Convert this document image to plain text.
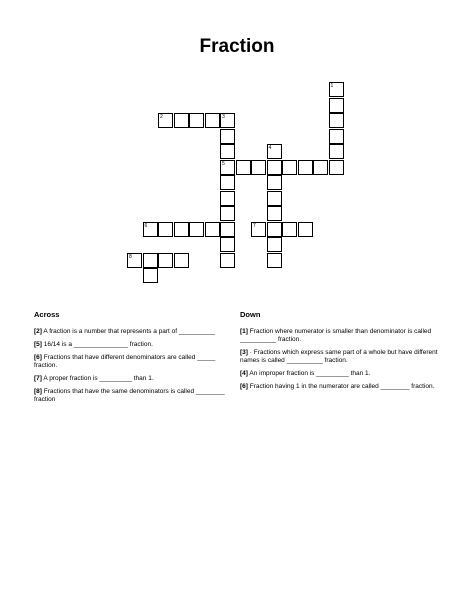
Fraction
1
2	3
5
4
6	7
8
Across
[2] A fraction is a number that represents a part of __________
[5] 16/14 is a _______________ fraction.
[6] Fractions that have different denominators are called _____ fraction.
[7] A proper fraction is _________ than 1.
[8] Fractions that have the same denominators is called ________ fraction
Down
[1] Fraction where numerator is smaller than denominator is called __________ fraction.
[3] · Fractions which express same part of a whole but have different names is called __________ fraction.
[4] An improper fraction is _________ than 1.
[6] Fraction having 1 in the numerator are called ________ fraction.
